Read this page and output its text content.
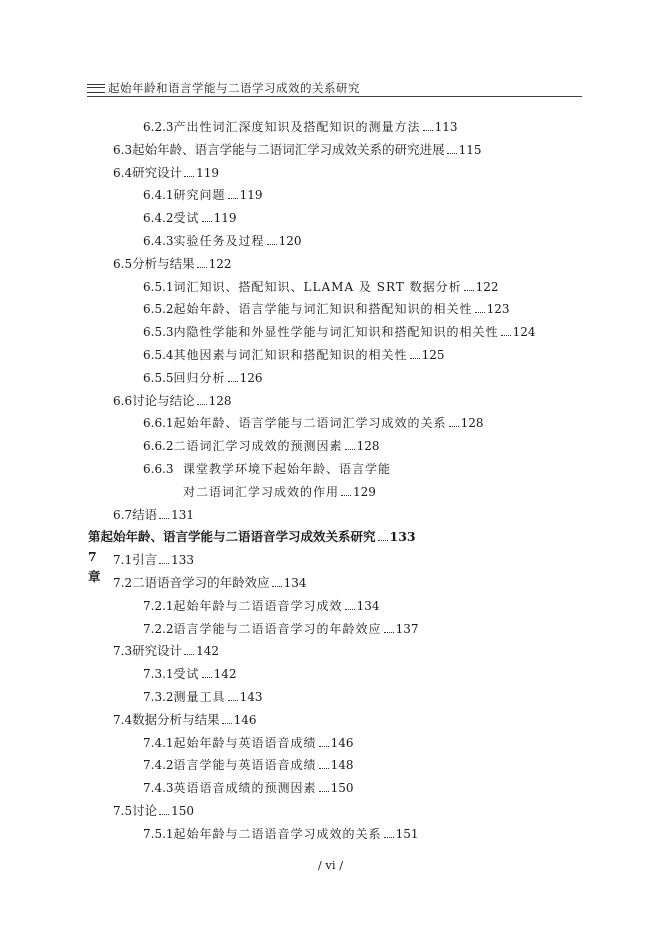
起始年龄和语言学能与二语学习成效的关系研究
6.2.3 产出性词汇深度知识及搭配知识的测量方法 113
6.3 起始年龄、语言学能与二语词汇学习成效关系的研究进展 115
6.4 研究设计 119
6.4.1 研究问题 119
6.4.2 受试 119
6.4.3 实验任务及过程 120
6.5 分析与结果 122
6.5.1 词汇知识、搭配知识、LLAMA 及 SRT 数据分析 122
6.5.2 起始年龄、语言学能与词汇知识和搭配知识的相关性 123
6.5.3 内隐性学能和外显性学能与词汇知识和搭配知识的相关性 124
6.5.4 其他因素与词汇知识和搭配知识的相关性 125
6.5.5 回归分析 126
6.6 讨论与结论 128
6.6.1 起始年龄、语言学能与二语词汇学习成效的关系 128
6.6.2 二语词汇学习成效的预测因素 128
6.6.3 课堂教学环境下起始年龄、语言学能
对二语词汇学习成效的作用 129
6.7 结语 131
第 7 章
起始年龄、语言学能与二语语音学习成效关系研究 133
7.1 引言 133
7.2 二语语音学习的年龄效应 134
7.2.1 起始年龄与二语语音学习成效 134
7.2.2 语言学能与二语语音学习的年龄效应 137
7.3 研究设计 142
7.3.1 受试 142
7.3.2 测量工具 143
7.4 数据分析与结果 146
7.4.1 起始年龄与英语语音成绩 146
7.4.2 语言学能与英语语音成绩 148
7.4.3 英语语音成绩的预测因素 150
7.5 讨论 150
7.5.1 起始年龄与二语语音学习成效的关系 151
/ vi /
